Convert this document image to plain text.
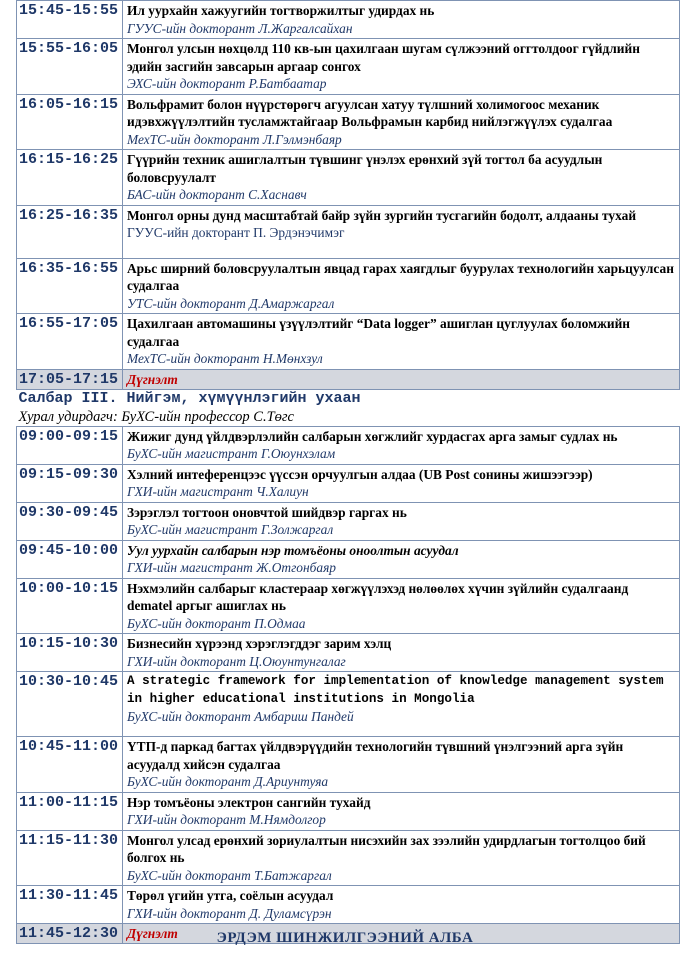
15:45-15:55	Ил уурхайн хажуугийн тогтворжилтыг удирдах нь
ГУУС-ийн докторант Л.Жаргалсайхан

15:55-16:05	Монгол улсын нөхцөлд 110 кв-ын цахилгаан шугам сүлжээний оггтолдоог гүйдлийн эдийн засгийн завсарын аргаар сонгох
ЭХС-ийн докторант Р.Батбаатар

16:05-16:15	Вольфрамит болон нүүрстөрөгч агуулсан хатуу түлшний холимогоос механик идэвхжүүлэлтийн тусламжтайгаар Вольфрамын карбид нийлэгжүүлэх судалгаа
МехТС-ийн докторант Л.Гэлмэнбаяр

16:15-16:25	Гүүрийн техник ашиглалтын түвшинг үнэлэх ерөнхий зүй тогтол ба асуудлын боловсруулалт
БАС-ийн докторант С.Хаснавч

16:25-16:35	Монгол орны дунд масштабтай байр зүйн зургийн тусгагийн бодолт, алдааны тухай
ГУУС-ийн докторант П. Эрдэнэчимэг

16:35-16:55	Арьс ширний боловсруулалтын явцад гарах хаягдлыг буурулах технологийн харьцуулсан судалгаа
УТС-ийн докторант Д.Амаржаргал

16:55-17:05	Цахилгаан автомашины үзүүлэлтийг “Data logger” ашиглан цуглуулах боломжийн судалгаа
МехТС-ийн докторант Н.Мөнхзул

17:05-17:15	Дүгнэлт

Салбар III. Нийгэм, хүмүүнлэгийн ухаан
Хурал удирдагч: БуХС-ийн профессор С.Төгс	

09:00-09:15	Жижиг дунд үйлдвэрлэлийн салбарын хөгжлийг хурдасгах арга замыг судлах нь
БуХС-ийн магистрант Г.Оюунхэлам

09:15-09:30	Хэлний интеференцээс үүссэн орчуулгын алдаа (UB Post сонины жишээгээр)
ГХИ-ийн магистрант Ч.Халиун

09:30-09:45	Зэрэглэл тогтоон оновчтой шийдвэр гаргах нь
БуХС-ийн магистрант Г.Золжаргал

09:45-10:00	Уул уурхайн салбарын нэр томъёоны оноолтын асуудал
ГХИ-ийн магистрант Ж.Отгонбаяр

10:00-10:15	Нэхмэлийн салбарыг кластерaар хөгжүүлэхэд нөлөөлөх хүчин зүйлийн судалгаанд dematel аргыг ашиглах нь
БуХС-ийн докторант П.Одмаа

10:15-10:30	Бизнесийн хүрээнд хэрэглэгддэг зарим хэлц
ГХИ-ийн докторант Ц.Оюунтунгалаг

10:30-10:45	A strategic framework for implementation of knowledge management system in higher educational institutions in Mongolia
БуХС-ийн докторант Амбариш Пандей

10:45-11:00	ҮТП-д паркад багтах үйлдвэрүүдийн технологийн түвшний үнэлгээний арга зүйн асуудалд хийсэн судалгаа
БуХС-ийн докторант Д.Ариунтуяа

11:00-11:15	Нэр томъёоны электрон сангийн тухайд
ГХИ-ийн докторант М.Нямдолгор

11:15-11:30	Монгол улсад ерөнхий зориулалтын нисэхийн зах зээлийн удирдлагын тогтолцоо бий болгох нь
БуХС-ийн докторант Т.Батжаргал

11:30-11:45	Төрөл үгийн утга, соёлын асуудал
ГХИ-ийн докторант Д. Дуламсүрэн

11:45-12:30	Дүгнэлт	ЭРДЭМ ШИНЖИЛГЭЭНИЙ АЛБА
